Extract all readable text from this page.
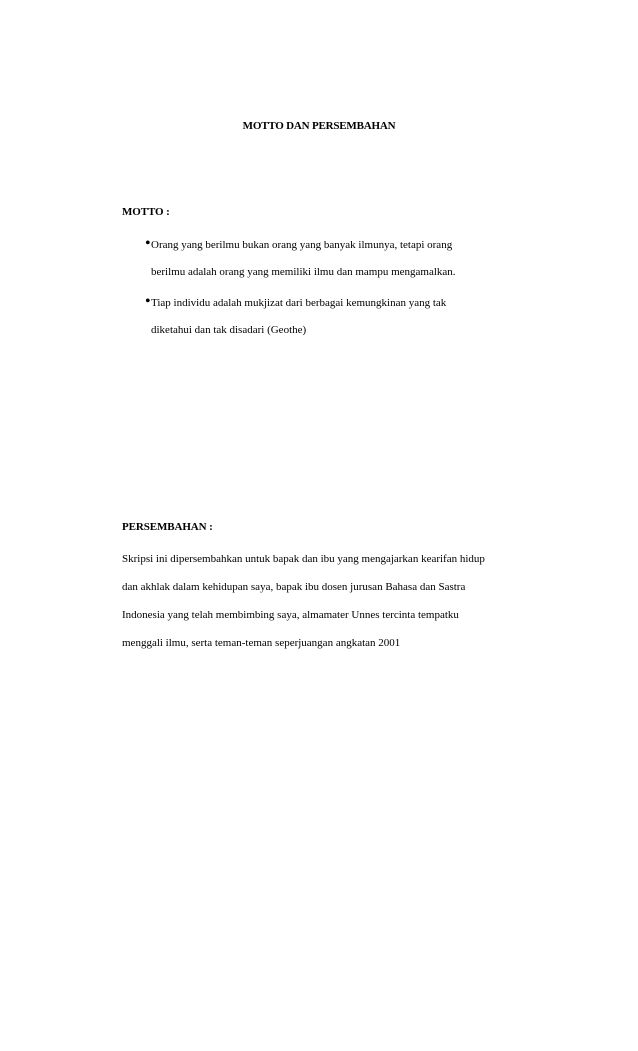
MOTTO DAN PERSEMBAHAN
MOTTO :
• Orang yang berilmu bukan orang yang banyak ilmunya, tetapi orang
berilmu adalah orang yang memiliki ilmu dan mampu mengamalkan.
• Tiap individu adalah mukjizat dari berbagai kemungkinan yang tak
diketahui dan tak disadari (Geothe)
PERSEMBAHAN :
Skripsi ini dipersembahkan untuk bapak dan ibu yang mengajarkan kearifan hidup
dan akhlak dalam kehidupan saya, bapak ibu dosen jurusan Bahasa dan Sastra
Indonesia yang telah membimbing saya, almamater Unnes tercinta tempatku
menggali ilmu, serta teman-teman seperjuangan angkatan 2001
